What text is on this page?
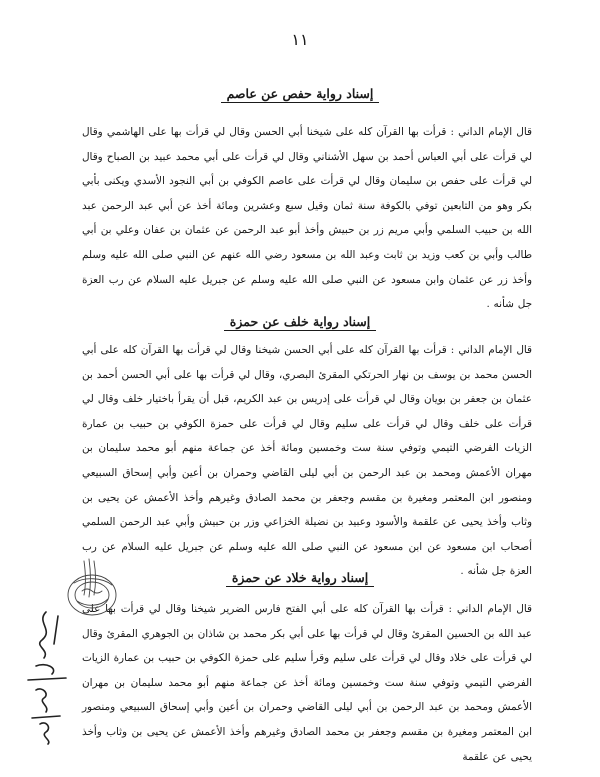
١١
إسناد رواية حفص عن عاصم
قال الإمام الداني : قرأت بها القرآن كله على شيخنا أبي الحسن وقال لي قرأت بها على الهاشمي وقال لي قرأت على أبي العباس أحمد بن سهل الأشناني وقال لي قرأت على أبي محمد عبيد بن الصباح وقال لي قرأت على حفص بن سليمان وقال لي قرأت على عاصم الكوفي بن أبي النجود الأسدي ويكنى بأبي بكر وهو من التابعين توفي بالكوفة سنة ثمان وقيل سبع وعشرين ومائة أخذ عن أبي عبد الرحمن عبد الله بن حبيب السلمي وأبي مريم زر بن حبيش وأخذ أبو عبد الرحمن عن عثمان بن عفان وعلي بن أبي طالب وأبي بن كعب وزيد بن ثابت وعبد الله بن مسعود رضي الله عنهم عن النبي صلى الله عليه وسلم وأخذ زر عن عثمان وابن مسعود عن النبي صلى الله عليه وسلم عن جبريل عليه السلام عن رب العزة جل شأنه .
إسناد رواية خلف عن حمزة
قال الإمام الداني : قرأت بها القرآن كله على أبي الحسن شيخنا وقال لي قرأت بها القرآن كله على أبي الحسن محمد بن يوسف بن نهار الحرتكي المقرئ البصري، وقال لي قرأت بها على أبي الحسن أحمد بن عثمان بن جعفر بن بويان وقال لي قرأت على إدريس بن عبد الكريم، قبل أن يقرأ باختيار خلف وقال لي قرأت على خلف وقال لي قرأت على سليم وقال لي قرأت على حمزة الكوفي بن حبيب بن عمارة الزيات الفرضي التيمي وتوفي سنة ست وخمسين ومائة أخذ عن جماعة منهم أبو محمد سليمان بن مهران الأعمش ومحمد بن عبد الرحمن بن أبي ليلى القاضي وحمران بن أعين وأبي إسحاق السبيعي ومنصور ابن المعتمر ومغيرة بن مقسم وجعفر بن محمد الصادق وغيرهم وأخذ الأعمش عن يحيى بن وثاب وأخذ يحيى عن علقمة والأسود وعبيد بن نضيلة الخزاعي وزر بن حبيش وأبي عبد الرحمن السلمي أصحاب ابن مسعود عن ابن مسعود عن النبي صلى الله عليه وسلم عن جبريل عليه السلام عن رب العزة جل شأنه .
إسناد رواية خلاد عن حمزة
قال الإمام الداني : قرأت بها القرآن كله على أبي الفتح فارس الضرير شيخنا وقال لي قرأت بها على عبد الله بن الحسين المقرئ وقال لي قرأت بها على أبي بكر محمد بن شاذان بن الجوهري المقرئ وقال لي قرأت على خلاد وقال لي قرأت على سليم وقرأ سليم على حمزة الكوفي بن حبيب بن عمارة الزيات الفرضي التيمي وتوفي سنة ست وخمسين ومائة أخذ عن جماعة منهم أبو محمد سليمان بن مهران الأعمش ومحمد بن عبد الرحمن بن أبي ليلى القاضي وحمران بن أعين وأبي إسحاق السبيعي ومنصور ابن المعتمر ومغيرة بن مقسم وجعفر بن محمد الصادق وغيرهم وأخذ الأعمش عن يحيى بن وثاب وأخذ يحيى عن علقمة
